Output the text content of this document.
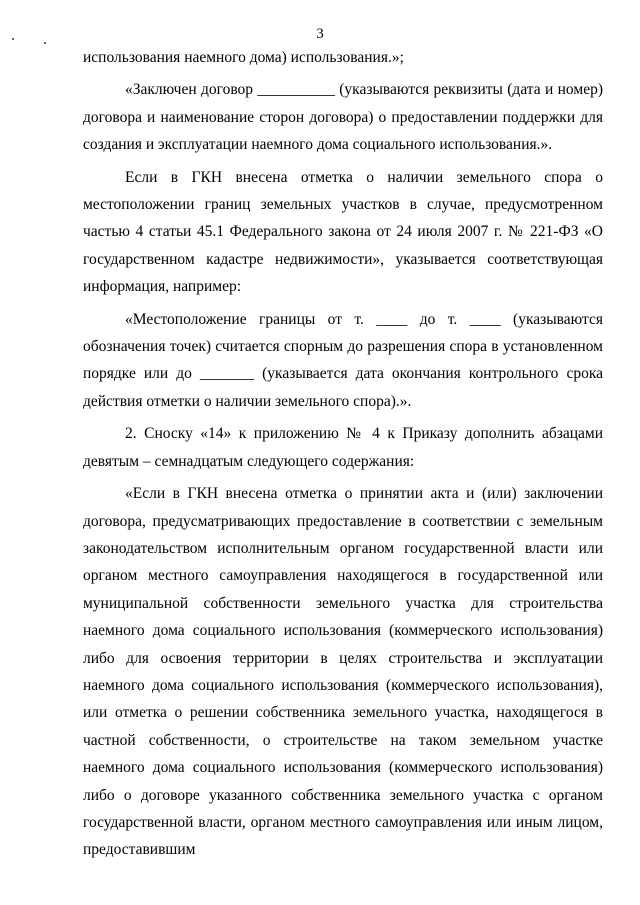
3

использования наемного дома) использования.»;

«Заключен договор __________ (указываются реквизиты (дата и номер) договора и наименование сторон договора) о предоставлении поддержки для создания и эксплуатации наемного дома социального использования.».

Если в ГКН внесена отметка о наличии земельного спора о местоположении границ земельных участков в случае, предусмотренном частью 4 статьи 45.1 Федерального закона от 24 июля 2007 г. № 221-ФЗ «О государственном кадастре недвижимости», указывается соответствующая информация, например:

«Местоположение границы от т. ____ до т. ____ (указываются обозначения точек) считается спорным до разрешения спора в установленном порядке или до _______ (указывается дата окончания контрольного срока действия отметки о наличии земельного спора).».

2. Сноску «14» к приложению № 4 к Приказу дополнить абзацами девятым – семнадцатым следующего содержания:

«Если в ГКН внесена отметка о принятии акта и (или) заключении договора, предусматривающих предоставление в соответствии с земельным законодательством исполнительным органом государственной власти или органом местного самоуправления находящегося в государственной или муниципальной собственности земельного участка для строительства наемного дома социального использования (коммерческого использования) либо для освоения территории в целях строительства и эксплуатации наемного дома социального использования (коммерческого использования), или отметка о решении собственника земельного участка, находящегося в частной собственности, о строительстве на таком земельном участке наемного дома социального использования (коммерческого использования) либо о договоре указанного собственника земельного участка с органом государственной власти, органом местного самоуправления или иным лицом, предоставившим
